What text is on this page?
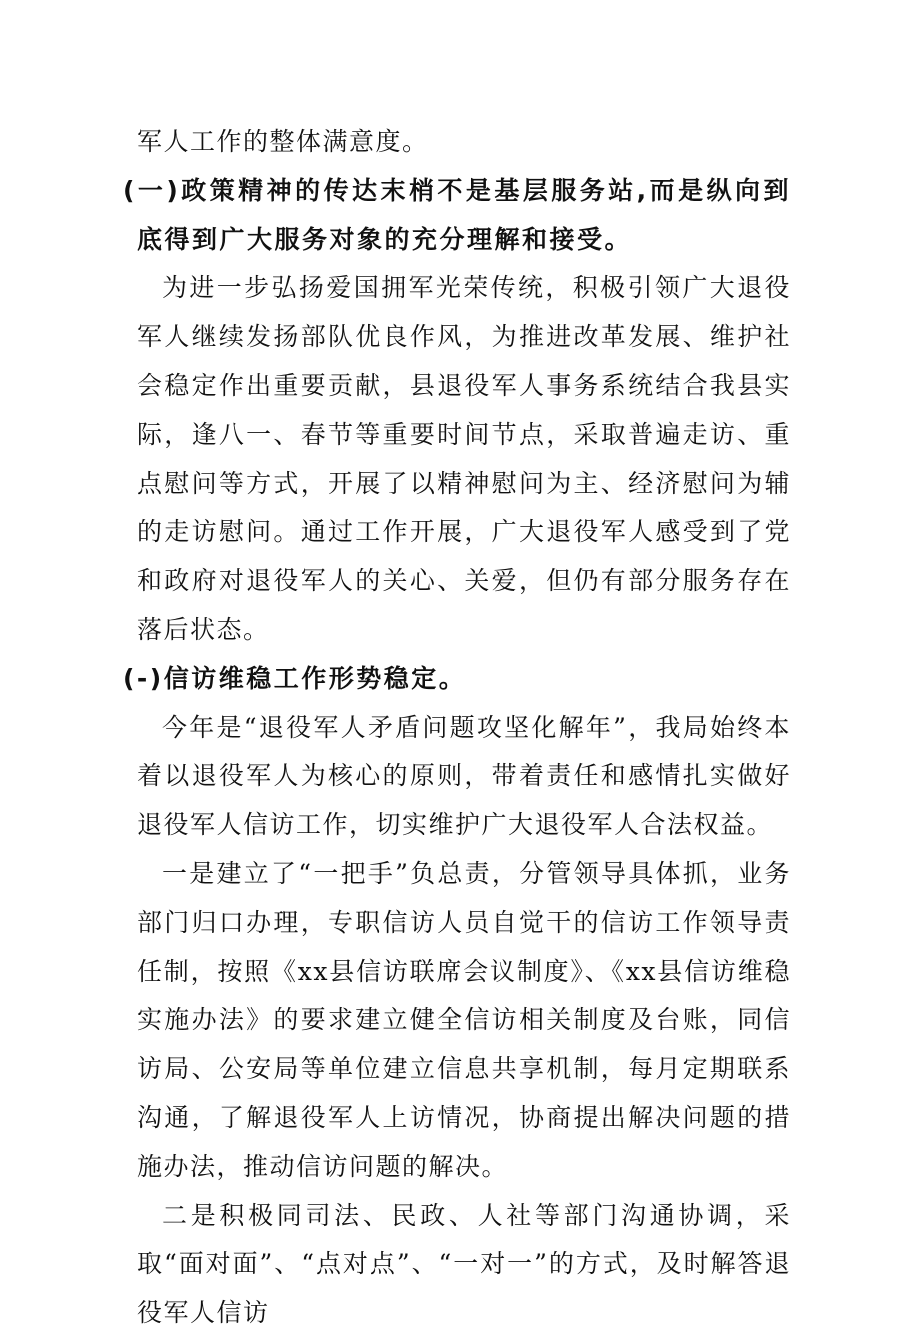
军人工作的整体满意度。

(一)政策精神的传达末梢不是基层服务站,而是纵向到底得到广大服务对象的充分理解和接受。

为进一步弘扬爱国拥军光荣传统，积极引领广大退役军人继续发扬部队优良作风，为推进改革发展、维护社会稳定作出重要贡献，县退役军人事务系统结合我县实际，逢八一、春节等重要时间节点，采取普遍走访、重点慰问等方式，开展了以精神慰问为主、经济慰问为辅的走访慰问。通过工作开展，广大退役军人感受到了党和政府对退役军人的关心、关爱，但仍有部分服务存在落后状态。

(-)信访维稳工作形势稳定。

今年是“退役军人矛盾问题攻坚化解年”，我局始终本着以退役军人为核心的原则，带着责任和感情扎实做好退役军人信访工作，切实维护广大退役军人合法权益。

一是建立了“一把手”负总责，分管领导具体抓，业务部门归口办理，专职信访人员自觉干的信访工作领导责任制，按照《xx县信访联席会议制度》、《xx县信访维稳实施办法》的要求建立健全信访相关制度及台账，同信访局、公安局等单位建立信息共享机制，每月定期联系沟通，了解退役军人上访情况，协商提出解决问题的措施办法，推动信访问题的解决。

二是积极同司法、民政、人社等部门沟通协调，采取“面对面”、“点对点”、“一对一”的方式，及时解答退役军人信访
